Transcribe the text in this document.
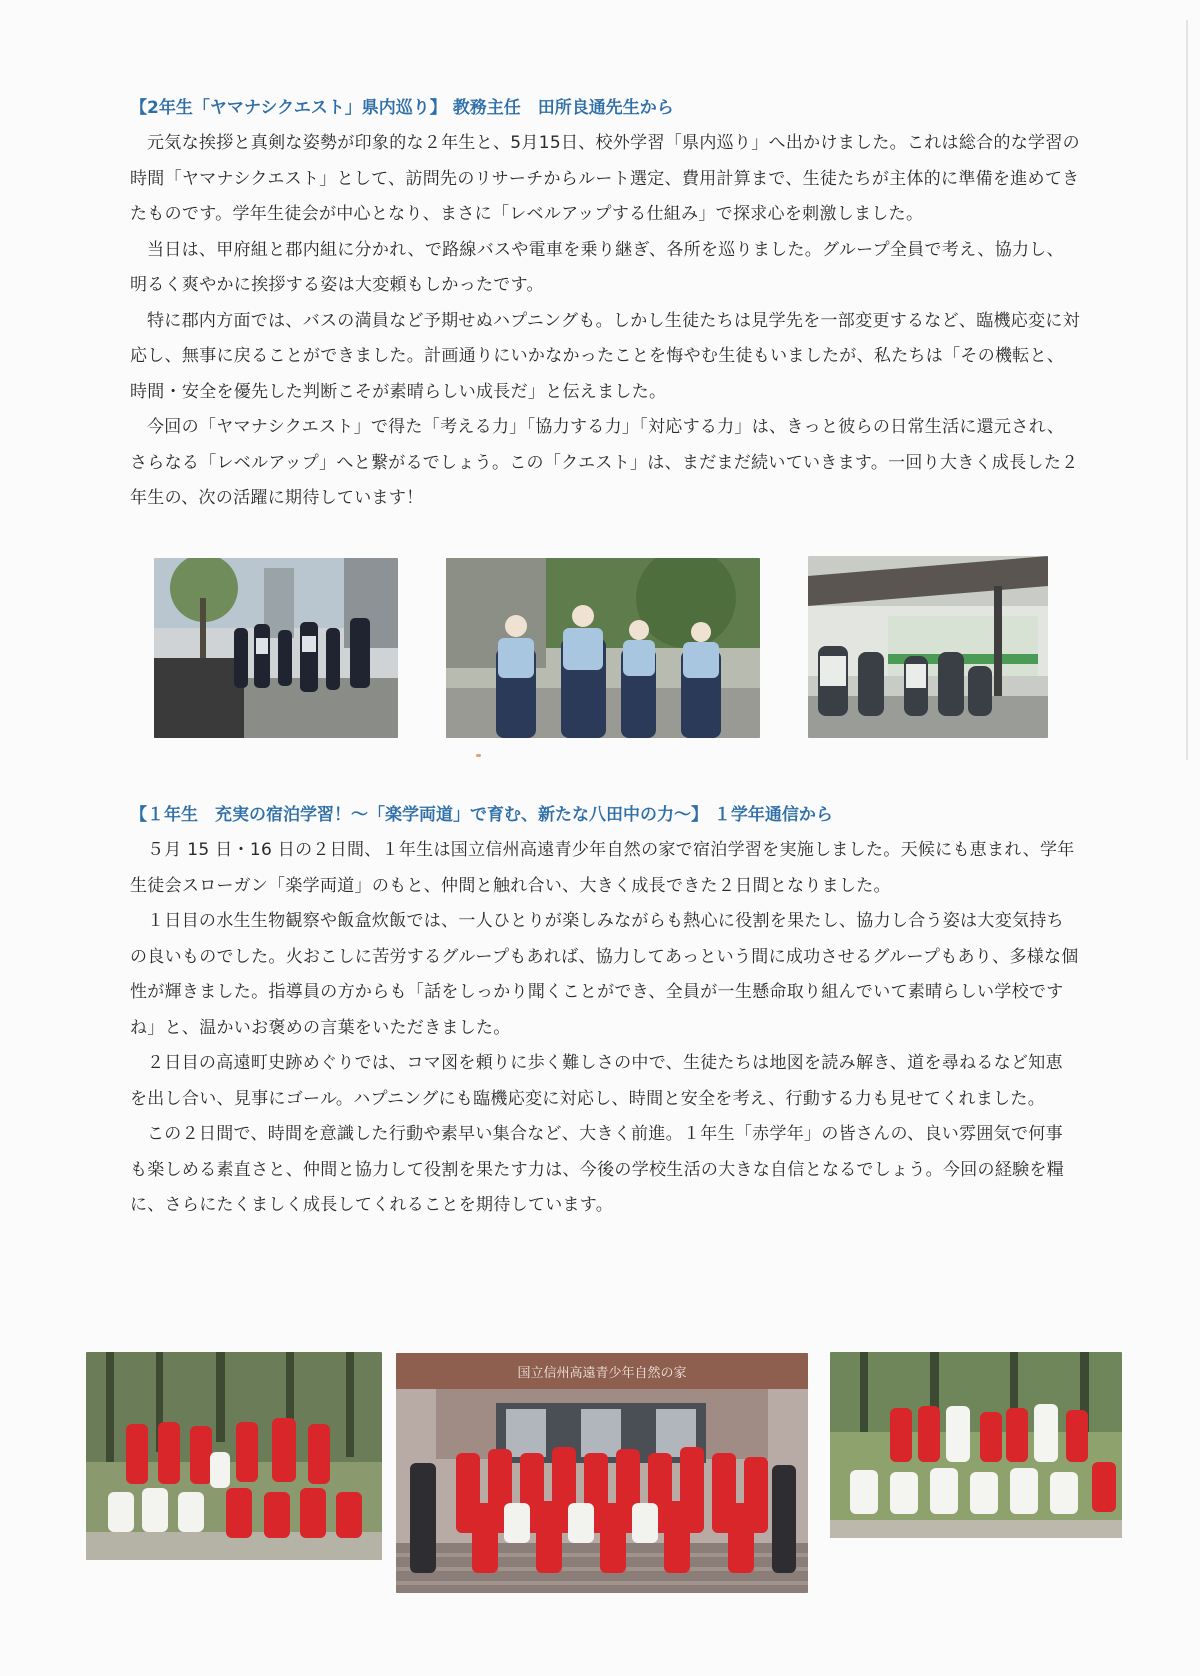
【2年生「ヤマナシクエスト」県内巡り】 教務主任　田所良通先生から

元気な挨拶と真剣な姿勢が印象的な２年生と、5月15日、校外学習「県内巡り」へ出かけました。これは総合的な学習の時間「ヤマナシクエスト」として、訪問先のリサーチからルート選定、費用計算まで、生徒たちが主体的に準備を進めてきたものです。学年生徒会が中心となり、まさに「レベルアップする仕組み」で探求心を刺激しました。

当日は、甲府組と郡内組に分かれ、で路線バスや電車を乗り継ぎ、各所を巡りました。グループ全員で考え、協力し、明るく爽やかに挨拶する姿は大変頼もしかったです。

特に郡内方面では、バスの満員など予期せぬハプニングも。しかし生徒たちは見学先を一部変更するなど、臨機応変に対応し、無事に戻ることができました。計画通りにいかなかったことを悔やむ生徒もいましたが、私たちは「その機転と、時間・安全を優先した判断こそが素晴らしい成長だ」と伝えました。

今回の「ヤマナシクエスト」で得た「考える力」「協力する力」「対応する力」は、きっと彼らの日常生活に還元され、さらなる「レベルアップ」へと繋がるでしょう。この「クエスト」は、まだまだ続いていきます。一回り大きく成長した２年生の、次の活躍に期待しています！

【１年生　充実の宿泊学習！～「楽学両道」で育む、新たな八田中の力～】 １学年通信から

５月 15 日・16 日の２日間、１年生は国立信州高遠青少年自然の家で宿泊学習を実施しました。天候にも恵まれ、学年生徒会スローガン「楽学両道」のもと、仲間と触れ合い、大きく成長できた２日間となりました。

１日目の水生生物観察や飯盒炊飯では、一人ひとりが楽しみながらも熱心に役割を果たし、協力し合う姿は大変気持ちの良いものでした。火おこしに苦労するグループもあれば、協力してあっという間に成功させるグループもあり、多様な個性が輝きました。指導員の方からも「話をしっかり聞くことができ、全員が一生懸命取り組んでいて素晴らしい学校ですね」と、温かいお褒めの言葉をいただきました。

２日目の高遠町史跡めぐりでは、コマ図を頼りに歩く難しさの中で、生徒たちは地図を読み解き、道を尋ねるなど知恵を出し合い、見事にゴール。ハプニングにも臨機応変に対応し、時間と安全を考え、行動する力も見せてくれました。

この２日間で、時間を意識した行動や素早い集合など、大きく前進。１年生「赤学年」の皆さんの、良い雰囲気で何事も楽しめる素直さと、仲間と協力して役割を果たす力は、今後の学校生活の大きな自信となるでしょう。今回の経験を糧に、さらにたくましく成長してくれることを期待しています。

国立信州高遠青少年自然の家
